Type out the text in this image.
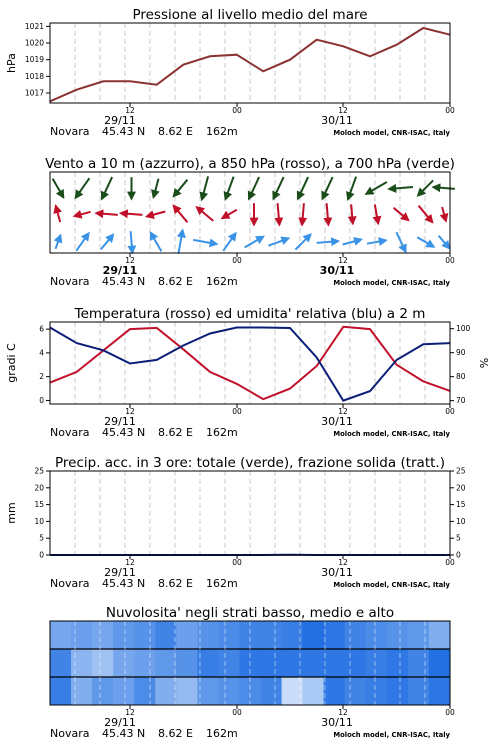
Pressione al livello medio del mare
1017
1018
1019
1020
1021
hPa
12	00	12	00
29/11	30/11
Novara 45.43 N 8.62 E 162m	Moloch model, CNR-ISAC, Italy
Vento a 10 m (azzurro), a 850 hPa (rosso), a 700 hPa (verde)
12	00	12	00
29/11	30/11
Novara 45.43 N 8.62 E 162m	Moloch model, CNR-ISAC, Italy
Temperatura (rosso) ed umidita' relativa (blu) a 2 m
0
2
4
6
70
80
90
100
gradi C	%
12	00	12	00
29/11	30/11
Novara 45.43 N 8.62 E 162m	Moloch model, CNR-ISAC, Italy
Precip. acc. in 3 ore: totale (verde), frazione solida (tratt.)
0
5
10
15
20
25
0
5
10
15
20
25
mm
12	00	12	00
29/11	30/11
Novara 45.43 N 8.62 E 162m	Moloch model, CNR-ISAC, Italy
Nuvolosita' negli strati basso, medio e alto
12	00	12	00
29/11	30/11
Novara 45.43 N 8.62 E 162m	Moloch model, CNR-ISAC, Italy
